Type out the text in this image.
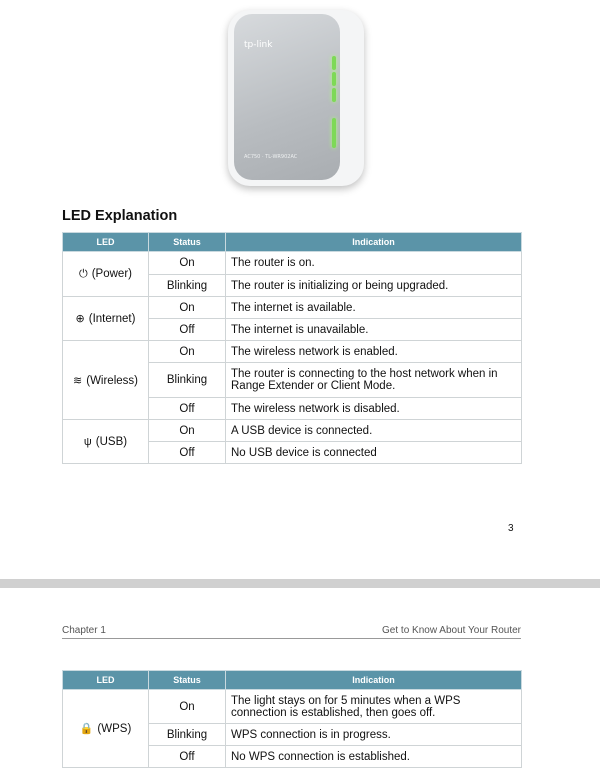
tp-link
AC750 · TL-WR902AC
LED Explanation
LED	Status	Indication
⏻ (Power)	On	The router is on.
	Blinking	The router is initializing or being upgraded.
⊕ (Internet)	On	The internet is available.
	Off	The internet is unavailable.
≋ (Wireless)	On	The wireless network is enabled.
	Blinking	The router is connecting to the host network when in Range Extender or Client Mode.
	Off	The wireless network is disabled.
ψ (USB)	On	A USB device is connected.
	Off	No USB device is connected
3
Chapter 1	Get to Know About Your Router
LED	Status	Indication
🔒 (WPS)	On	The light stays on for 5 minutes when a WPS connection is established, then goes off.
	Blinking	WPS connection is in progress.
	Off	No WPS connection is established.
